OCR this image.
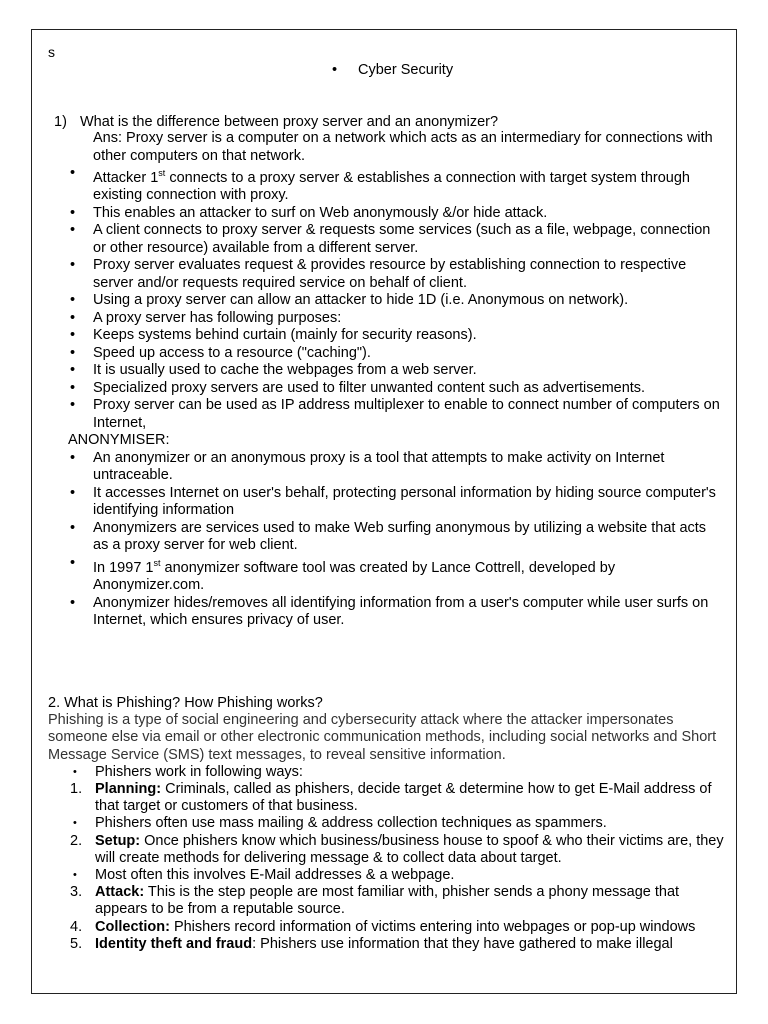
s
• Cyber Security
1) What is the difference between proxy server and an anonymizer?
Ans: Proxy server is a computer on a network which acts as an intermediary for connections with other computers on that network.
• Attacker 1st connects to a proxy server & establishes a connection with target system through existing connection with proxy.
• This enables an attacker to surf on Web anonymously &/or hide attack.
• A client connects to proxy server & requests some services (such as a file, webpage, connection or other resource) available from a different server.
• Proxy server evaluates request & provides resource by establishing connection to respective server and/or requests required service on behalf of client.
• Using a proxy server can allow an attacker to hide 1D (i.e. Anonymous on network).
• A proxy server has following purposes:
• Keeps systems behind curtain (mainly for security reasons).
• Speed up access to a resource ("caching").
• It is usually used to cache the webpages from a web server.
• Specialized proxy servers are used to filter unwanted content such as advertisements.
• Proxy server can be used as IP address multiplexer to enable to connect number of computers on Internet,
ANONYMISER:
• An anonymizer or an anonymous proxy is a tool that attempts to make activity on Internet untraceable.
• It accesses Internet on user's behalf, protecting personal information by hiding source computer's identifying information
• Anonymizers are services used to make Web surfing anonymous by utilizing a website that acts as a proxy server for web client.
• In 1997 1st anonymizer software tool was created by Lance Cottrell, developed by Anonymizer.com.
• Anonymizer hides/removes all identifying information from a user's computer while user surfs on Internet, which ensures privacy of user.
2. What is Phishing? How Phishing works?
Phishing is a type of social engineering and cybersecurity attack where the attacker impersonates someone else via email or other electronic communication methods, including social networks and Short Message Service (SMS) text messages, to reveal sensitive information.
• Phishers work in following ways:
1. Planning: Criminals, called as phishers, decide target & determine how to get E-Mail address of that target or customers of that business.
• Phishers often use mass mailing & address collection techniques as spammers.
2. Setup: Once phishers know which business/business house to spoof & who their victims are, they will create methods for delivering message & to collect data about target.
• Most often this involves E-Mail addresses & a webpage.
3. Attack: This is the step people are most familiar with, phisher sends a phony message that appears to be from a reputable source.
4. Collection: Phishers record information of victims entering into webpages or pop-up windows
5. Identity theft and fraud: Phishers use information that they have gathered to make illegal
